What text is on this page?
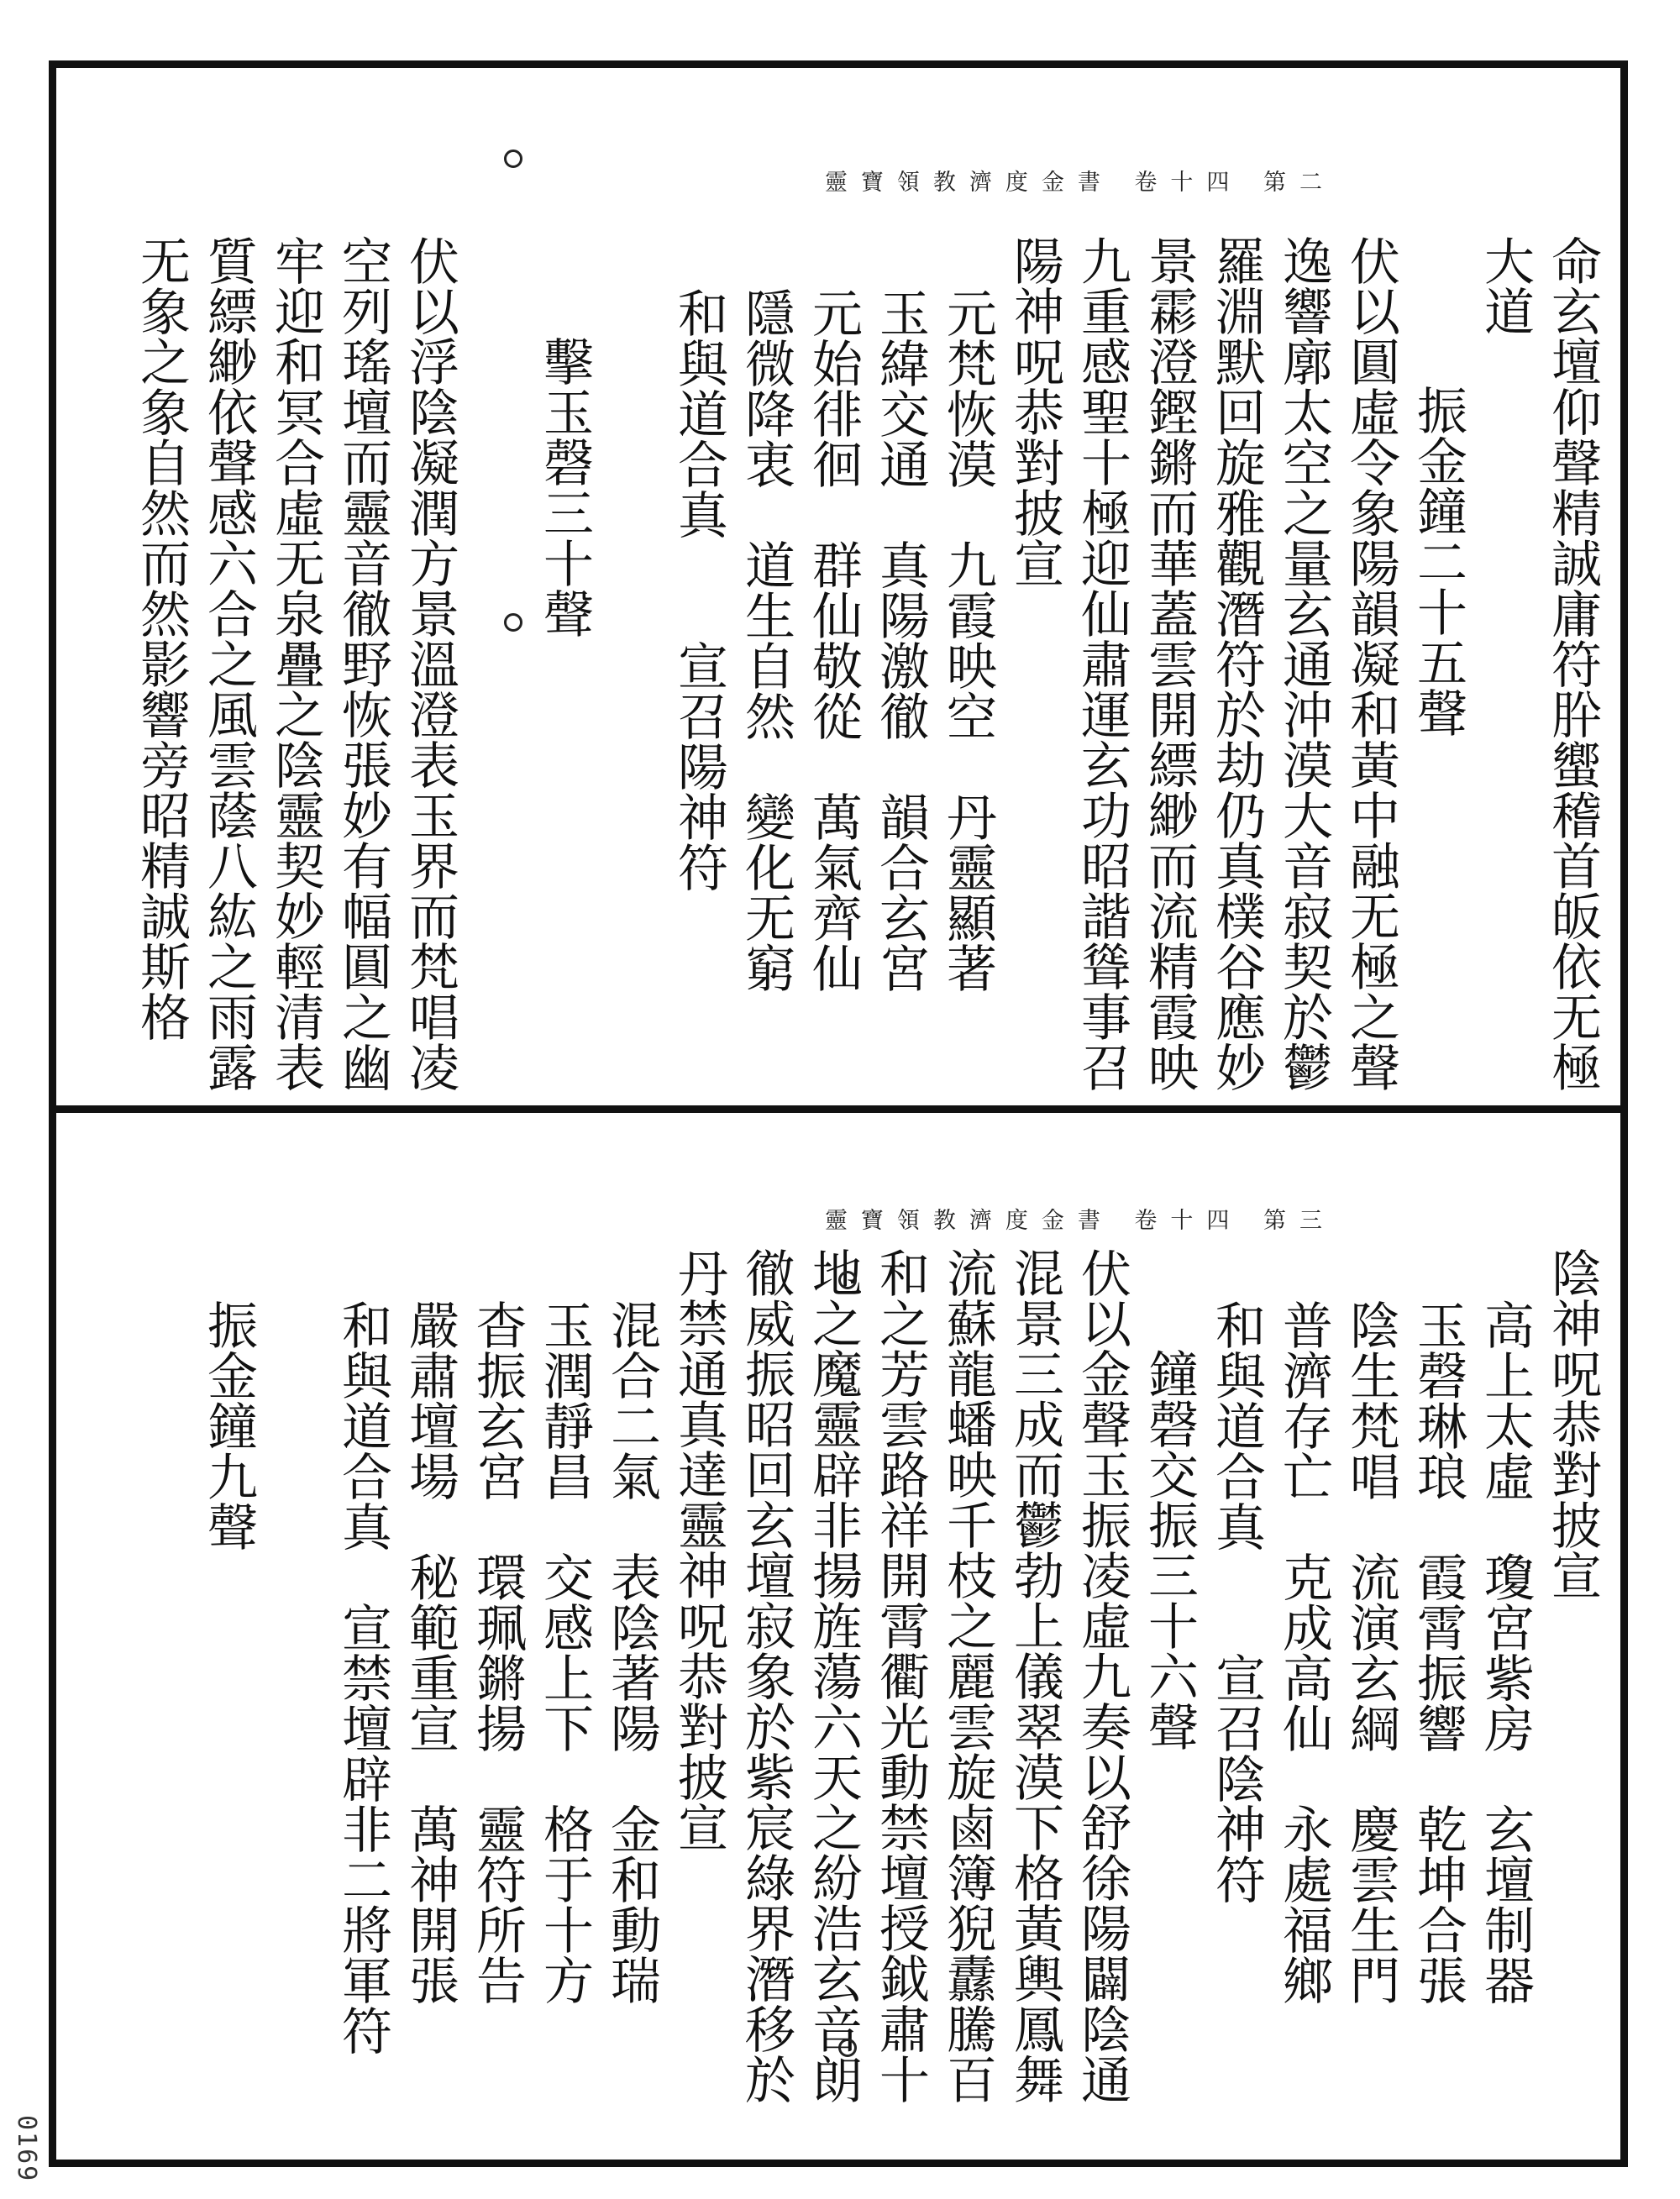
靈寶領教濟度金書 卷十四 第二
命玄壇仰聲精誠庸符肸蠁稽首皈依无極
大道
振金鐘二十五聲
伏以圓虛令象陽韻凝和黃中融无極之聲
逸響廓太空之量玄通沖漠大音寂契於鬱
羅淵默回旋雅觀潛符於劫仍真樸谷應妙
景霦澄鏗鏘而華蓋雲開縹緲而流精霞映
九重感聖十極迎仙肅運玄功昭諧聳事召
陽神呪恭對披宣
元梵恢漠　九霞映空　丹靈顯著
玉緯交通　真陽激徹　韻合玄宮
元始徘徊　群仙敬從　萬氣齊仙
隱微降衷　道生自然　變化无窮
和與道合真　　宣召陽神符
擊玉磬三十聲
伏以浮陰凝潤方景溫澄表玉界而梵唱凌
空列瑤壇而靈音徹野恢張妙有幅圓之幽
牢迎和冥合虛无泉疊之陰靈契妙輕清表
質縹緲依聲感六合之風雲蔭八紘之雨露
无象之象自然而然影響旁昭精誠斯格
靈寶領教濟度金書 卷十四 第三
陰神呪恭對披宣
高上太虛　瓊宮紫房　玄壇制器
玉磬琳琅　霞霄振響　乾坤合張
陰生梵唱　流演玄綱　慶雲生門
普濟存亡　克成高仙　永處福鄉
和與道合真　　宣召陰神符
鐘磬交振三十六聲
伏以金聲玉振凌虛九奏以舒徐陽闢陰通
混景三成而鬱勃上儀翠漠下格黃輿鳳舞
流蘇龍蟠映千枝之麗雲旋鹵簿猊纛騰百
和之芳雲路祥開霄衢光動禁壇授鉞肅十
地之魔靈辟非揚旌蕩六天之紛浩玄音朗
徹威振昭回玄壇寂象於紫宸綠界潛移於
丹禁通真達靈神呪恭對披宣
混合二氣　表陰著陽　金和動瑞
玉潤靜昌　交感上下　格于十方
杳振玄宮　環珮鏘揚　靈符所告
嚴肅壇場　秘範重宣　萬神開張
和與道合真　宣禁壇辟非二將軍符
振金鐘九聲
0169
